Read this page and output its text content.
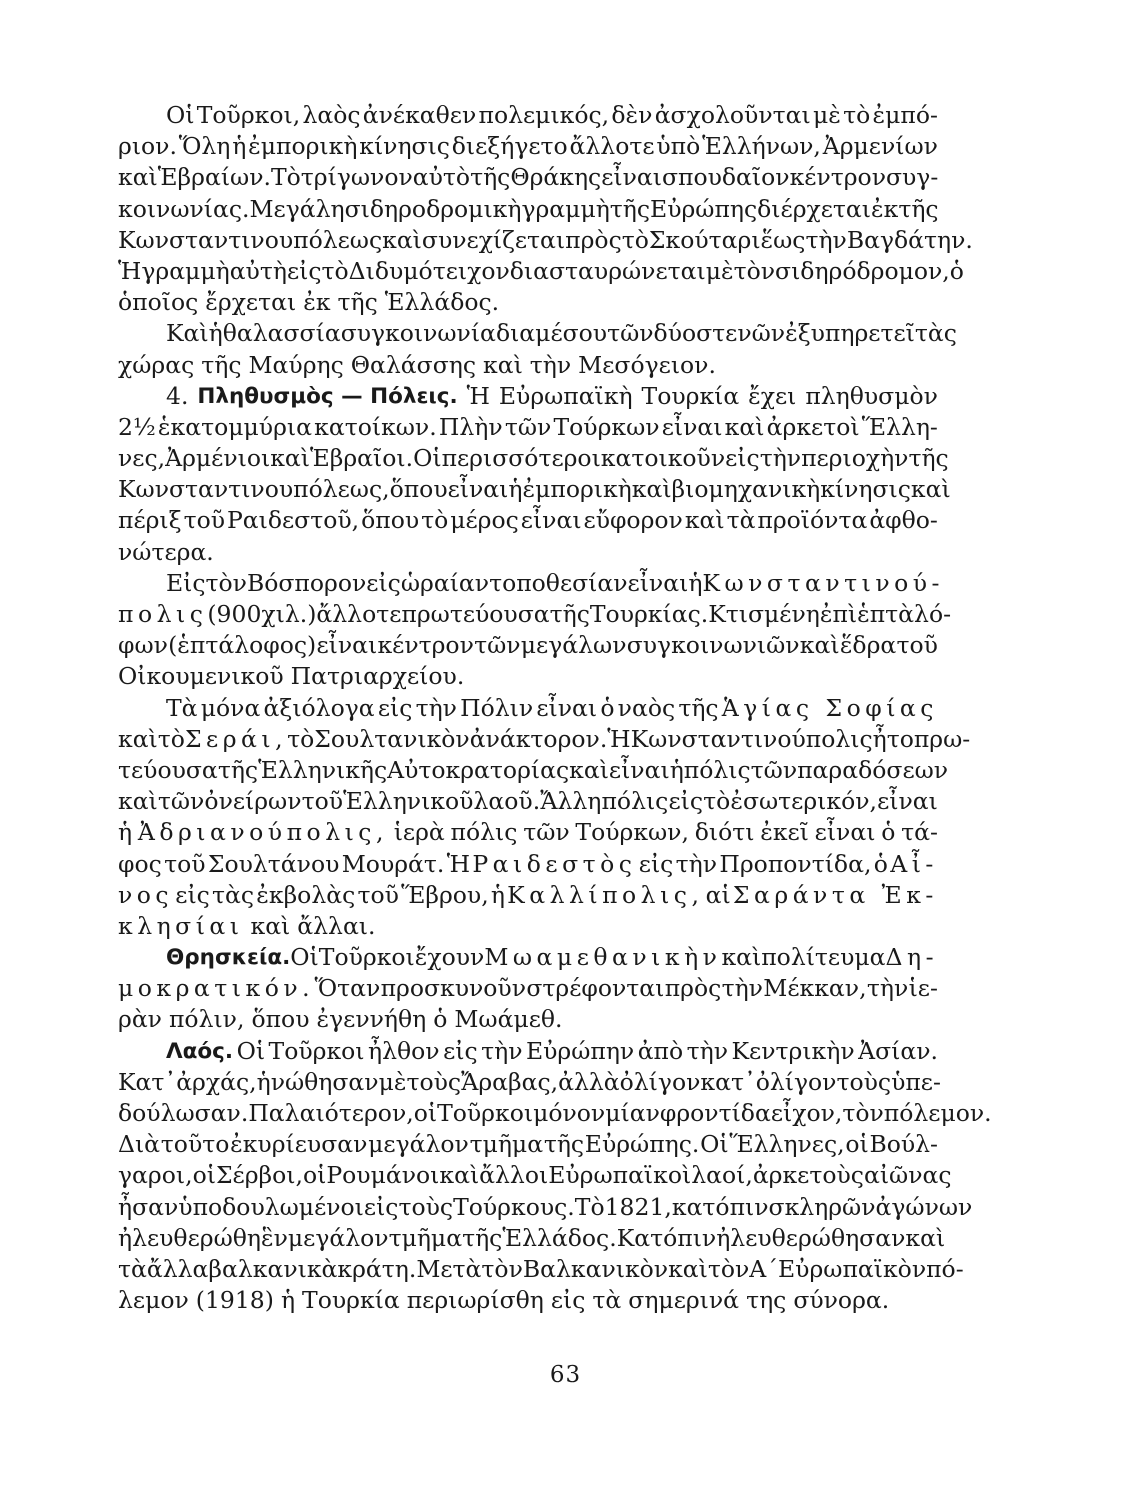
Οἱ Τοῦρκοι, λαὸς ἀνέκαθεν πολεμικός, δὲν ἀσχολοῦνται μὲ τὸ ἐμπό-
ριον. Ὅλη ἡ ἐμπορικὴ κίνησις διεξήγετο ἄλλοτε ὑπὸ Ἑλλήνων, Ἀρμενίων
καὶ Ἑβραίων. Τὸ τρίγωνον αὐτὸ τῆς Θράκης εἶναι σπουδαῖον κέντρον συγ-
κοινωνίας. Μεγάλη σιδηροδρομικὴ γραμμὴ τῆς Εὐρώπης διέρχεται ἐκ τῆς
Κωνσταντινουπόλεως καὶ συνεχίζεται πρὸς τὸ Σκούταρι ἕως τὴν Βαγδάτην.
Ἡ γραμμὴ αὐτὴ εἰς τὸ Διδυμότειχον διασταυρώνεται μὲ τὸν σιδηρόδρομον, ὁ
ὁποῖος ἔρχεται ἐκ τῆς Ἑλλάδος.
Καὶ ἡ θαλασσία συγκοινωνία διαμέσου τῶν δύο στενῶν ἐξυπηρετεῖ τὰς
χώρας τῆς Μαύρης Θαλάσσης καὶ τὴν Μεσόγειον.
4. Πληθυσμὸς — Πόλεις. Ἡ Εὐρωπαϊκὴ Τουρκία ἔχει πληθυσμὸν
2½ ἑκατομμύρια κατοίκων. Πλὴν τῶν Τούρκων εἶναι καὶ ἀρκετοὶ Ἕλλη-
νες, Ἀρμένιοι καὶ Ἑβραῖοι. Οἱ περισσότεροι κατοικοῦν εἰς τὴν περιοχὴν τῆς
Κωνσταντινουπόλεως, ὅπου εἶναι ἡ ἐμπορικὴ καὶ βιομηχανικὴ κίνησις καὶ
πέριξ τοῦ Ραιδεστοῦ, ὅπου τὸ μέρος εἶναι εὔφορον καὶ τὰ προϊόντα ἀφθο-
νώτερα.
Εἰς τὸν Βόσπορον εἰς ὡραίαν τοποθεσίαν εἶναι ἡ Κωνσταντινού-
πολις (900 χιλ.) ἄλλοτε πρωτεύουσα τῆς Τουρκίας. Κτισμένη ἐπὶ ἑπτὰ λό-
φων (ἑπτάλοφος) εἶναι κέντρον τῶν μεγάλων συγκοινωνιῶν καὶ ἕδρα τοῦ
Οἰκουμενικοῦ Πατριαρχείου.
Τὰ μόνα ἀξιόλογα εἰς τὴν Πόλιν εἶναι ὁ ναὸς τῆς Ἁγίας Σοφίας
καὶ τὸ Σεράι, τὸ Σουλτανικὸν ἀνάκτορον. Ἡ Κωνσταντινούπολις ἦτο πρω-
τεύουσα τῆς Ἑλληνικῆς Αὐτοκρατορίας καὶ εἶναι ἡ πόλις τῶν παραδόσεων
καὶ τῶν ὀνείρων τοῦ Ἑλληνικοῦ λαοῦ. Ἄλλη πόλις εἰς τὸ ἐσωτερικόν, εἶναι
ἡ Ἀδριανούπολις, ἱερὰ πόλις τῶν Τούρκων, διότι ἐκεῖ εἶναι ὁ τά-
φος τοῦ Σουλτάνου Μουράτ. Ἡ Ραιδεστὸς εἰς τὴν Προποντίδα, ὁ Αἶ-
νος εἰς τὰς ἐκβολὰς τοῦ Ἕβρου, ἡ Καλλίπολις, αἱ Σαράντα Ἐκ-
κλησίαι καὶ ἄλλαι.
Θρησκεία. Οἱ Τοῦρκοι ἔχουν Μωαμεθανικὴν καὶ πολίτευμα Δη-
μοκρατικόν. Ὅταν προσκυνοῦν στρέφονται πρὸς τὴν Μέκκαν, τὴν ἱε-
ρὰν πόλιν, ὅπου ἐγεννήθη ὁ Μωάμεθ.
Λαός. Οἱ Τοῦρκοι ἦλθον εἰς τὴν Εὐρώπην ἀπὸ τὴν Κεντρικὴν Ἀσίαν.
Κατ᾽ ἀρχάς, ἡνώθησαν μὲ τοὺς Ἄραβας, ἀλλὰ ὀλίγον κατ᾽ ὀλίγον τοὺς ὑπε-
δούλωσαν. Παλαιότερον, οἱ Τοῦρκοι μόνον μίαν φροντίδα εἶχον, τὸν πόλεμον.
Διὰ τοῦτο ἐκυρίευσαν μεγάλον τμῆμα τῆς Εὐρώπης. Οἱ Ἕλληνες, οἱ Βούλ-
γαροι, οἱ Σέρβοι, οἱ Ρουμάνοι καὶ ἄλλοι Εὐρωπαϊκοὶ λαοί, ἀρκετοὺς αἰῶνας
ἦσαν ὑποδουλωμένοι εἰς τοὺς Τούρκους. Τὸ 1821, κατόπιν σκληρῶν ἀγώνων
ἠλευθερώθη ἓν μεγάλον τμῆμα τῆς Ἑλλάδος. Κατόπιν ἠλευθερώθησαν καὶ
τὰ ἄλλα βαλκανικὰ κράτη. Μετὰ τὸν Βαλκανικὸν καὶ τὸν Α΄ Εὐρωπαϊκὸν πό-
λεμον (1918) ἡ Τουρκία περιωρίσθη εἰς τὰ σημερινά της σύνορα.
63
